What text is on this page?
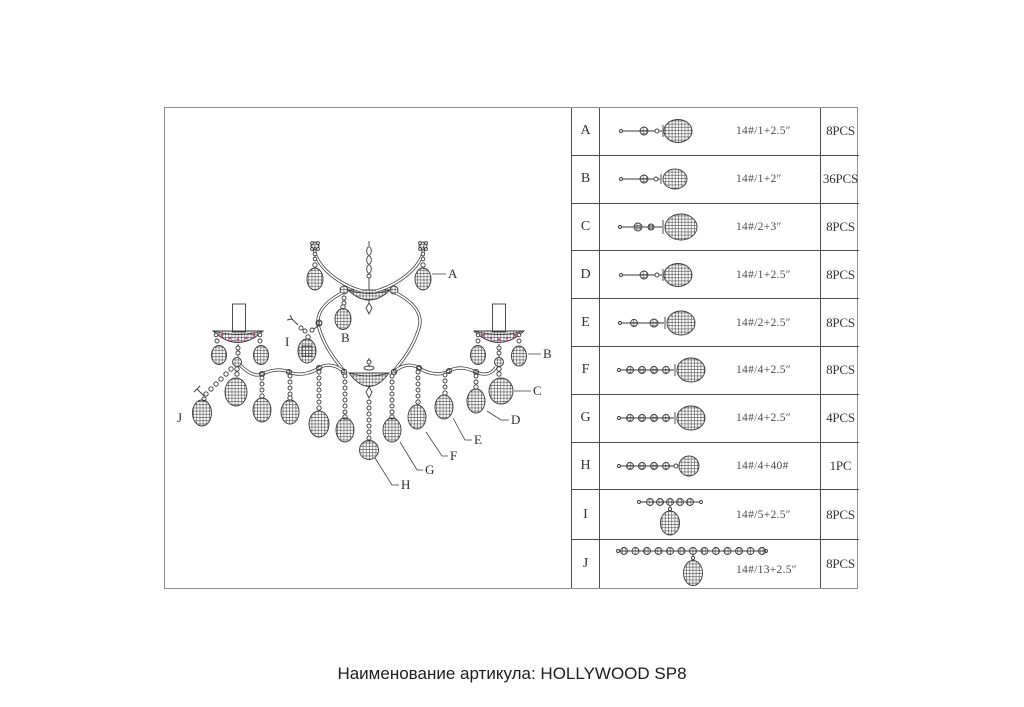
A
B
B
C
D
E
F
G
H
I
J
A	14#/1+2.5″	8PCS
B	14#/1+2″	36PCS
C	14#/2+3″	8PCS
D	14#/1+2.5″	8PCS
E	14#/2+2.5″	8PCS
F	14#/4+2.5″	8PCS
G	14#/4+2.5″	4PCS
H	14#/4+40#	1PC
I	14#/5+2.5″	8PCS
J	14#/13+2.5″	8PCS
Наименование артикула: HOLLYWOOD SP8
